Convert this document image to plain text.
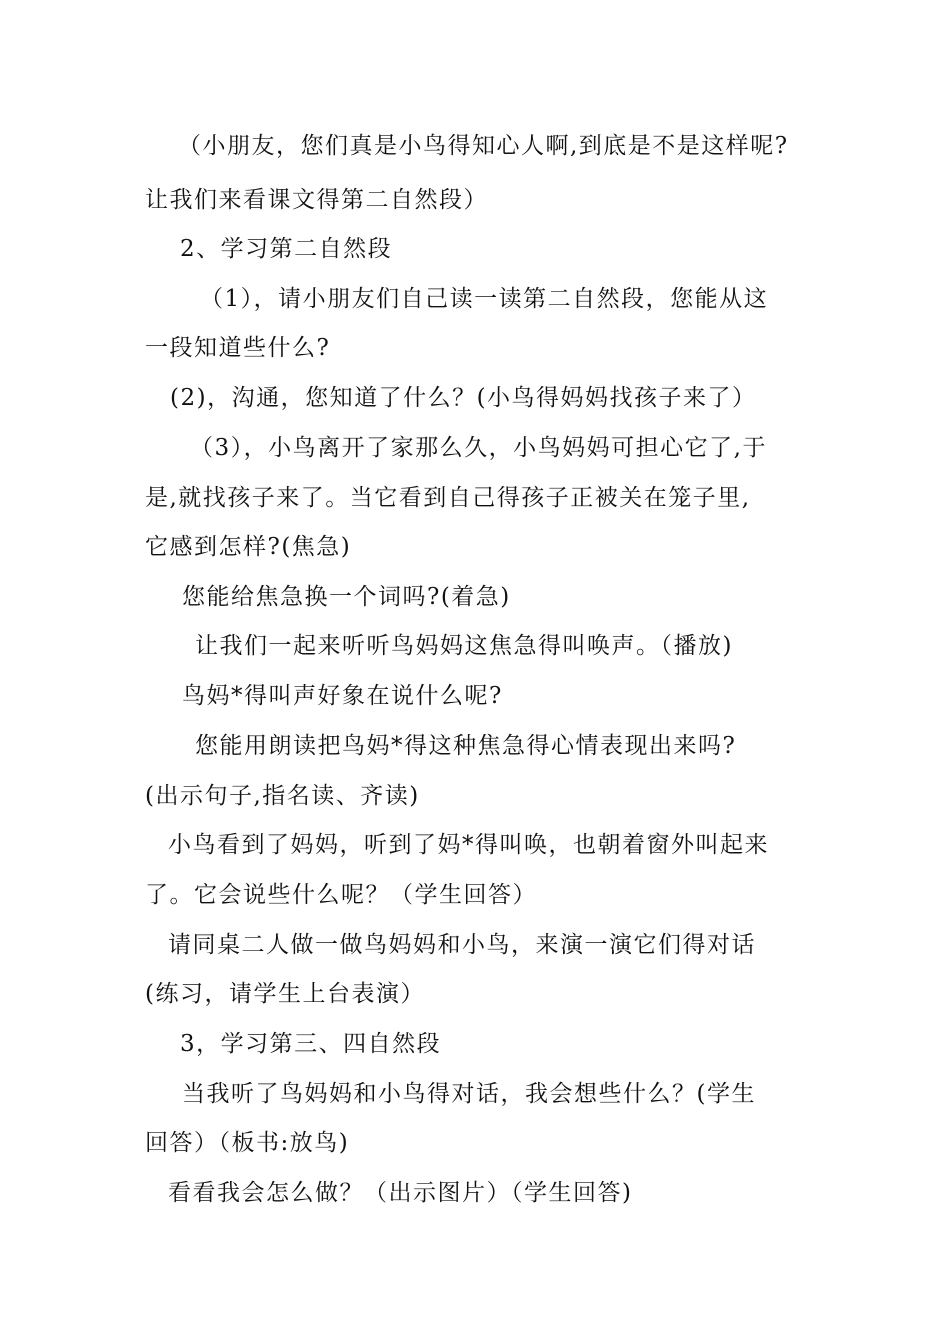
（小朋友，您们真是小鸟得知心人啊,到底是不是这样呢?
让我们来看课文得第二自然段）
2、学习第二自然段
（1），请小朋友们自己读一读第二自然段，您能从这
一段知道些什么?
(2)，沟通，您知道了什么？(小鸟得妈妈找孩子来了）
（3），小鸟离开了家那么久，小鸟妈妈可担心它了,于
是,就找孩子来了。当它看到自己得孩子正被关在笼子里,
它感到怎样?(焦急)
您能给焦急换一个词吗?(着急)
让我们一起来听听鸟妈妈这焦急得叫唤声。（播放)
鸟妈*得叫声好象在说什么呢?
您能用朗读把鸟妈*得这种焦急得心情表现出来吗?
(出示句子,指名读、齐读)
小鸟看到了妈妈，听到了妈*得叫唤，也朝着窗外叫起来
了。它会说些什么呢？（学生回答）
请同桌二人做一做鸟妈妈和小鸟，来演一演它们得对话
(练习，请学生上台表演）
3，学习第三、四自然段
当我听了鸟妈妈和小鸟得对话，我会想些什么？(学生
回答）（板书:放鸟)
看看我会怎么做？（出示图片）（学生回答)
